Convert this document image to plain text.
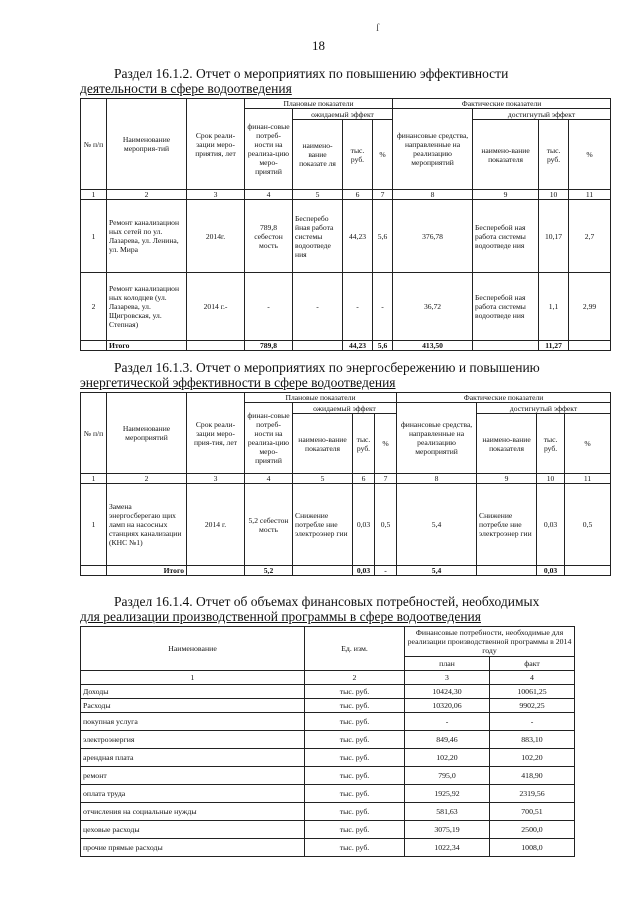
18
ſ
Раздел 16.1.2. Отчет о мероприятиях по повышению эффективности
деятельности в сфере водоотведения
№ п/п	Наименование мероприя-тий	Срок реали-зации меро-приятия, лет	Плановые показатели				Фактические показатели			
			финан-совые потреб-ности на реализа-цию меро-приятий	ожидаемый эффект			финансовые средства, направленные на реализацию мероприятий	достигнутый эффект		
				наимено-вание показате ля	тыс. руб.	%		наимено-вание показателя	тыс. руб.	%
1	2	3	4	5	6	7	8	9	10	11
1	Ремонт канализацион ных сетей по ул. Лазарева, ул. Ленина, ул. Мира	2014г.	789,8 себестон мость	Бесперебо йная работа системы водоотведе ния	44,23	5,6	376,78	Бесперебой ная работа системы водоотведе ния	10,17	2,7
2	Ремонт канализацион ных колодцев (ул. Лазарева, ул. Щигровская, ул. Степная)	2014 г.-	-	-	-	-	36,72	Бесперебой ная работа системы водоотведе ния	1,1	2,99
	Итого		789,8		44,23	5,6	413,50		11,27	
Раздел 16.1.3. Отчет о мероприятиях по энергосбережению и повышению
энергетической эффективности в сфере водоотведения
№ п/п	Наименование мероприятий	Срок реали-зации меро-прия-тия, лет	Плановые показатели				Фактические показатели			
			финан-совые потреб-ности на реализа-цию меро-приятий	ожидаемый эффект			финансовые средства, направленные на реализацию мероприятий	достигнутый эффект		
				наимено-вание показателя	тыс. руб.	%		наимено-вание показателя	тыс. руб.	%
1	2	3	4	5	6	7	8	9	10	11
1	Замена энергосберегаю щих ламп на насосных станциях канализации (КНС №1)	2014 г.	5,2 себестон мость	Снижение потребле ние электроэнер гии	0,03	0,5	5,4	Снижение потребле ние электроэнер гии	0,03	0,5
	Итого		5,2		0,03	-	5,4		0,03	
Раздел 16.1.4. Отчет об объемах финансовых потребностей, необходимых
для реализации производственной программы в сфере водоотведения
Наименование	Ед. изм.	Финансовые потребности, необходимые для реализации производственной программы в 2014 году	
		план	факт
1	2	3	4
Доходы	тыс. руб.	10424,30	10061,25
Расходы	тыс. руб.	10320,06	9902,25
покупная услуга	тыс. руб.	-	-
электроэнергия	тыс. руб.	849,46	883,10
арендная плата	тыс. руб.	102,20	102,20
ремонт	тыс. руб.	795,0	418,90
оплата труда	тыс. руб.	1925,92	2319,56
отчисления на социальные нужды	тыс. руб.	581,63	700,51
цеховые расходы	тыс. руб.	3075,19	2500,0
прочие прямые расходы	тыс. руб.	1022,34	1008,0
